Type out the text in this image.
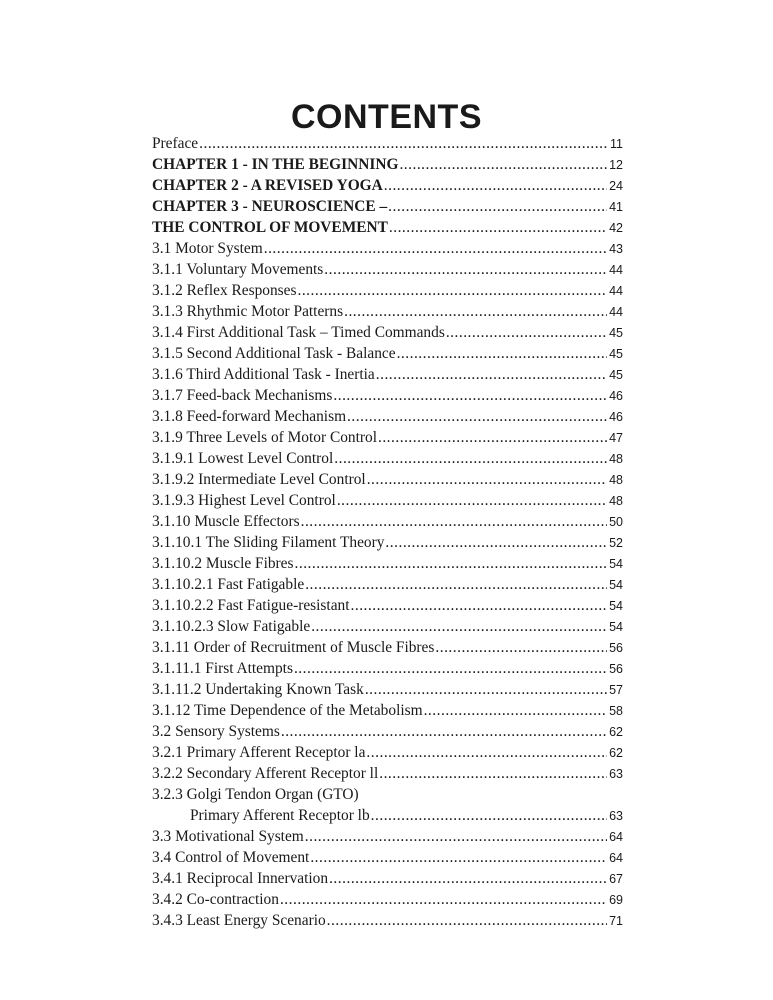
CONTENTS
Preface .....	11
CHAPTER 1 - IN THE BEGINNING .....	12
CHAPTER 2 - A REVISED YOGA .....	24
CHAPTER 3 - NEUROSCIENCE – .....	41
THE CONTROL OF MOVEMENT .....	42
3.1 Motor System .....	43
3.1.1 Voluntary Movements .....	44
3.1.2 Reflex Responses .....	44
3.1.3 Rhythmic Motor Patterns .....	44
3.1.4 First Additional Task – Timed Commands .....	45
3.1.5 Second Additional Task - Balance .....	45
3.1.6 Third Additional Task - Inertia .....	45
3.1.7 Feed-back Mechanisms .....	46
3.1.8 Feed-forward Mechanism .....	46
3.1.9 Three Levels of Motor Control .....	47
3.1.9.1 Lowest Level Control .....	48
3.1.9.2 Intermediate Level Control .....	48
3.1.9.3 Highest Level Control .....	48
3.1.10 Muscle Effectors .....	50
3.1.10.1 The Sliding Filament Theory .....	52
3.1.10.2 Muscle Fibres .....	54
3.1.10.2.1 Fast Fatigable .....	54
3.1.10.2.2 Fast Fatigue-resistant .....	54
3.1.10.2.3 Slow Fatigable .....	54
3.1.11 Order of Recruitment of Muscle Fibres .....	56
3.1.11.1 First Attempts .....	56
3.1.11.2 Undertaking Known Task .....	57
3.1.12 Time Dependence of the Metabolism .....	58
3.2 Sensory Systems .....	62
3.2.1 Primary Afferent Receptor la .....	62
3.2.2 Secondary Afferent Receptor ll .....	63
3.2.3 Golgi Tendon Organ (GTO)
Primary Afferent Receptor lb .....	63
3.3 Motivational System .....	64
3.4 Control of Movement .....	64
3.4.1 Reciprocal Innervation .....	67
3.4.2 Co-contraction .....	69
3.4.3 Least Energy Scenario .....	71
